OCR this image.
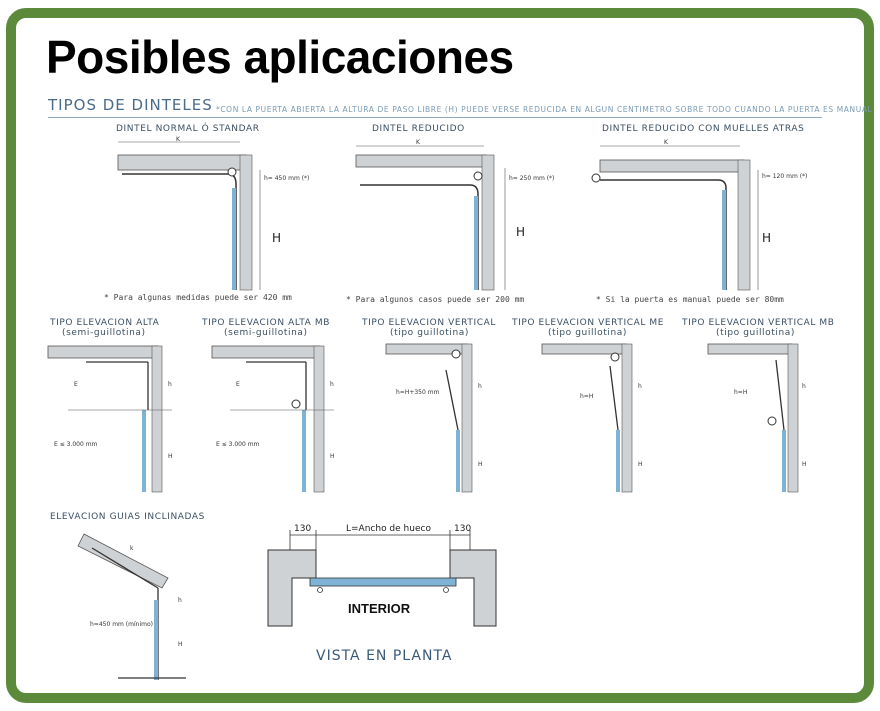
Posibles aplicaciones
TIPOS DE DINTELES *CON LA PUERTA ABIERTA LA ALTURA DE PASO LIBRE (H) PUEDE VERSE REDUCIDA EN ALGUN CENTIMETRO SOBRE TODO CUANDO LA PUERTA ES MANUAL
DINTEL NORMAL Ó STANDAR
K
h= 450 mm (*)
H
* Para algunas medidas puede ser 420 mm
DINTEL REDUCIDO
K
h= 250 mm (*)
H
* Para algunos casos puede ser 200 mm
DINTEL REDUCIDO CON MUELLES ATRAS
K
h= 120 mm (*)
H
* Si la puerta es manual puede ser 80mm
TIPO ELEVACION ALTA
(semi-guillotina)
E	h
H
E ≤ 3.000 mm
TIPO ELEVACION ALTA MB
(semi-guillotina)
E	h
H
E ≤ 3.000 mm
TIPO ELEVACION VERTICAL
(tipo guillotina)
h=H+350 mm
h
H
TIPO ELEVACION VERTICAL ME
(tipo guillotina)
h=H
h
H
TIPO ELEVACION VERTICAL MB
(tipo guillotina)
h=H
h
H
ELEVACION GUIAS INCLINADAS
k
h
H
h=450 mm (mínimo)
130	L=Ancho de hueco	130
INTERIOR
VISTA EN PLANTA
